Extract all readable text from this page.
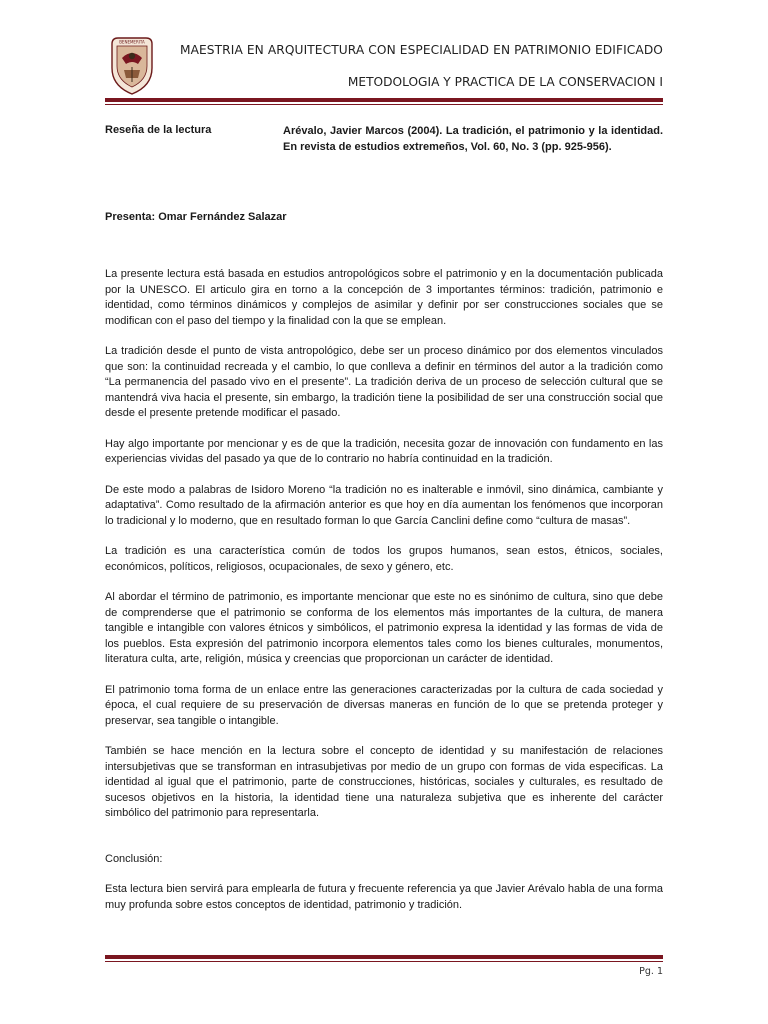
BENEMERITA
MAESTRIA EN ARQUITECTURA CON ESPECIALIDAD EN PATRIMONIO EDIFICADO
METODOLOGIA Y PRACTICA DE LA CONSERVACION I
Reseña de la lectura	Arévalo, Javier Marcos (2004). La tradición, el patrimonio y la identidad. En revista de estudios extremeños, Vol. 60, No. 3 (pp. 925-956).
Presenta: Omar Fernández Salazar

La presente lectura está basada en estudios antropológicos sobre el patrimonio y en la documentación publicada por la UNESCO. El articulo gira en torno a la concepción de 3 importantes términos: tradición, patrimonio e identidad, como términos dinámicos y complejos de asimilar y definir por ser construcciones sociales que se modifican con el paso del tiempo y la finalidad con la que se emplean.

La tradición desde el punto de vista antropológico, debe ser un proceso dinámico por dos elementos vinculados que son: la continuidad recreada y el cambio, lo que conlleva a definir en términos del autor a la tradición como “La permanencia del pasado vivo en el presente”. La tradición deriva de un proceso de selección cultural que se mantendrá viva hacia el presente, sin embargo, la tradición tiene la posibilidad de ser una construcción social que desde el presente pretende modificar el pasado.

Hay algo importante por mencionar y es de que la tradición, necesita gozar de innovación con fundamento en las experiencias vividas del pasado ya que de lo contrario no habría continuidad en la tradición.

De este modo a palabras de Isidoro Moreno “la tradición no es inalterable e inmóvil, sino dinámica, cambiante y adaptativa”. Como resultado de la afirmación anterior es que hoy en día aumentan los fenómenos que incorporan lo tradicional y lo moderno, que en resultado forman lo que García Canclini define como “cultura de masas”.

La tradición es una característica común de todos los grupos humanos, sean estos, étnicos, sociales, económicos, políticos, religiosos, ocupacionales, de sexo y género, etc.

Al abordar el término de patrimonio, es importante mencionar que este no es sinónimo de cultura, sino que debe de comprenderse que el patrimonio se conforma de los elementos más importantes de la cultura, de manera tangible e intangible con valores étnicos y simbólicos, el patrimonio expresa la identidad y las formas de vida de los pueblos. Esta expresión del patrimonio incorpora elementos tales como los bienes culturales, monumentos, literatura culta, arte, religión, música y creencias que proporcionan un carácter de identidad.

El patrimonio toma forma de un enlace entre las generaciones caracterizadas por la cultura de cada sociedad y época, el cual requiere de su preservación de diversas maneras en función de lo que se pretenda proteger y preservar, sea tangible o intangible.

También se hace mención en la lectura sobre el concepto de identidad y su manifestación de relaciones intersubjetivas que se transforman en intrasubjetivas por medio de un grupo con formas de vida especificas. La identidad al igual que el patrimonio, parte de construcciones, históricas, sociales y culturales, es resultado de sucesos objetivos en la historia, la identidad tiene una naturaleza subjetiva que es inherente del carácter simbólico del patrimonio para representarla.

Conclusión:

Esta lectura bien servirá para emplearla de futura y frecuente referencia ya que Javier Arévalo habla de una forma muy profunda sobre estos conceptos de identidad, patrimonio y tradición.

Pg. 1
